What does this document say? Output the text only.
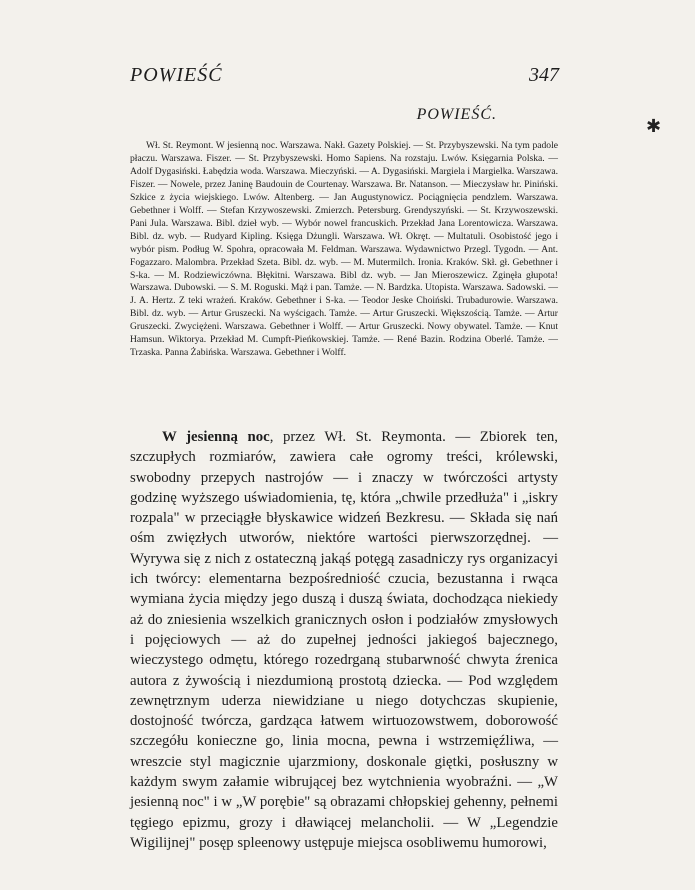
POWIEŚĆ	347
✱
POWIEŚĆ.

Wł. St. Reymont. W jesienną noc. Warszawa. Nakł. Gazety Polskiej. — St. Przybyszewski. Na tym padole płaczu. Warszawa. Fiszer. — St. Przybyszewski. Homo Sapiens. Na rozstaju. Lwów. Księgarnia Polska. — Adolf Dygasiński. Łabędzia woda. Warszawa. Mieczyński. — A. Dygasiński. Margiela i Margielka. Warszawa. Fiszer. — Nowele, przez Janinę Baudouin de Courtenay. Warszawa. Br. Natanson. — Mieczysław hr. Piniński. Szkice z życia wiejskiego. Lwów. Altenberg. — Jan Augustynowicz. Pociągnięcia pendzlem. Warszawa. Gebethner i Wolff. — Stefan Krzywoszewski. Zmierzch. Petersburg. Grendyszyński. — St. Krzywoszewski. Pani Jula. Warszawa. Bibl. dzieł wyb. — Wybór nowel francuskich. Przekład Jana Lorentowicza. Warszawa. Bibl. dz. wyb. — Rudyard Kipling. Księga Dżungli. Warszawa. Wł. Okręt. — Multatuli. Osobistość jego i wybór pism. Podług W. Spohra, opracowała M. Feldman. Warszawa. Wydawnictwo Przegl. Tygodn. — Ant. Fogazzaro. Malombra. Przekład Szeta. Bibl. dz. wyb. — M. Mutermilch. Ironia. Kraków. Skł. gł. Gebethner i S-ka. — M. Rodziewiczówna. Błękitni. Warszawa. Bibl dz. wyb. — Jan Mieroszewicz. Zginęła głupota! Warszawa. Dubowski. — S. M. Roguski. Mąż i pan. Tamże. — N. Bardzka. Utopista. Warszawa. Sadowski. — J. A. Hertz. Z teki wrażeń. Kraków. Gebethner i S-ka. — Teodor Jeske Choiński. Trubadurowie. Warszawa. Bibl. dz. wyb. — Artur Gruszecki. Na wyścigach. Tamże. — Artur Gruszecki. Większością. Tamże. — Artur Gruszecki. Zwyciężeni. Warszawa. Gebethner i Wolff. — Artur Gruszecki. Nowy obywatel. Tamże. — Knut Hamsun. Wiktorya. Przekład M. Cumpft-Pieńkowskiej. Tamże. — René Bazin. Rodzina Oberlé. Tamże. — Trzaska. Panna Żabińska. Warszawa. Gebethner i Wolff.

W jesienną noc, przez Wł. St. Reymonta. — Zbiorek ten, szczupłych rozmiarów, zawiera całe ogromy treści, królewski, swobodny przepych nastrojów — i znaczy w twórczości artysty godzinę wyższego uświadomienia, tę, która „chwile przedłuża" i „iskry rozpala" w przeciągłe błyskawice widzeń Bezkresu. — Składa się nań ośm zwięzłych utworów, niektóre wartości pierwszorzędnej. — Wyrywa się z nich z ostateczną jakąś potęgą zasadniczy rys organizacyi ich twórcy: elementarna bezpośredniość czucia, bezustanna i rwąca wymiana życia między jego duszą i duszą świata, dochodząca niekiedy aż do zniesienia wszelkich granicznych osłon i podziałów zmysłowych i pojęciowych — aż do zupełnej jedności jakiegoś bajecznego, wieczystego odmętu, którego rozedrganą stubarwność chwyta źrenica autora z żywością i niezdumioną prostotą dziecka. — Pod względem zewnętrznym uderza niewidziane u niego dotychczas skupienie, dostojność twórcza, gardząca łatwem wirtuozowstwem, doborowość szczegółu konieczne go, linia mocna, pewna i wstrzemięźliwa, — wreszcie styl magicznie ujarzmiony, doskonale giętki, posłuszny w każdym swym załamie wibrującej bez wytchnienia wyobraźni. — „W jesienną noc" i w „W porębie" są obrazami chłopskiej gehenny, pełnemi tęgiego epizmu, grozy i dławiącej melancholii. — W „Legendzie Wigilijnej" posęp spleenowy ustępuje miejsca osobliwemu humorowi,
